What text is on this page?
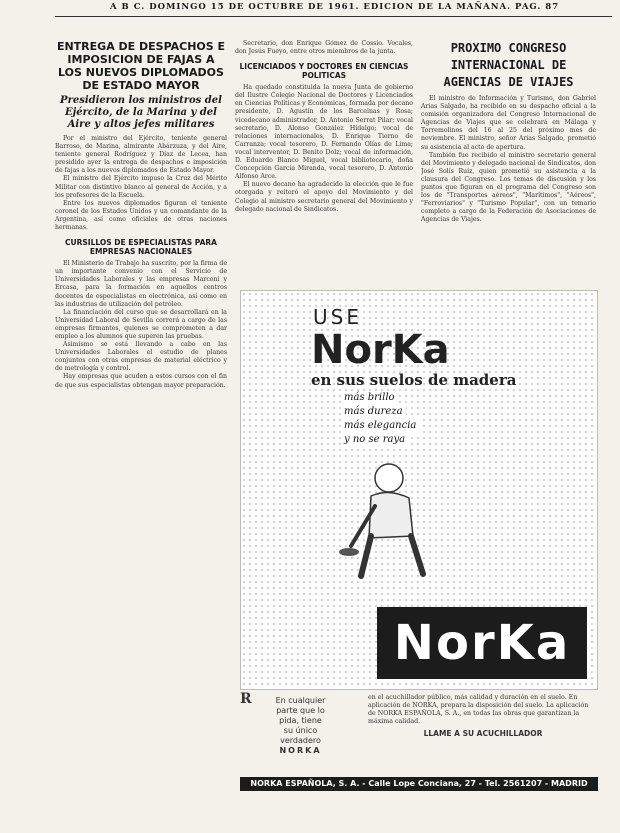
A B C. DOMINGO 15 DE OCTUBRE DE 1961. EDICION DE LA MAÑANA. PAG. 87
ENTREGA DE DESPACHOS E IMPOSICION DE FAJAS A LOS NUEVOS DIPLOMADOS DE ESTADO MAYOR
Presidieron los ministros del Ejército, de la Marina y del Aire y altos jefes militares

Por el ministro del Ejército, teniente general Barroso, de Marina, almirante Abárzuza, y del Aire, teniente general Rodríguez y Díaz de Lecea, han presidido ayer la entrega de despachos e imposición de fajas a los nuevos diplomados de Estado Mayor.

El ministro del Ejército impuso la Cruz del Mérito Militar con distintivo blanco al general de Acción, y a los profesores de la Escuela.

Entre los nuevos diplomados figuran el teniente coronel de los Estados Unidos y un comandante de la Argentina, así como oficiales de otras naciones hermanas.

CURSILLOS DE ESPECIALISTAS PARA EMPRESAS NACIONALES

El Ministerio de Trabajo ha suscrito, por la firma de un importante convenio con el Servicio de Universidades Laborales y las empresas Marconi y Ercasa, para la formación en aquellos centros docentes de especialistas en electrónica, así como en las industrias de utilización del petróleo.

La financiación del curso que se desarrollará en la Universidad Laboral de Sevilla correrá a cargo de las empresas firmantes, quienes se comprometen a dar empleo a los alumnos que superen las pruebas.

Asimismo se está llevando a cabo en las Universidades Laborales el estudio de planes conjuntos con otras empresas de material eléctrico y de metrología y control.

Hay empresas que acuden a estos cursos con el fin de que sus especialistas obtengan mayor preparación.

Secretario, don Enrique Gómez de Cossío. Vocales, don Jesús Fueyo, entre otros miembros de la junta.

LICENCIADOS Y DOCTORES EN CIENCIAS POLITICAS

Ha quedado constituida la nueva Junta de gobierno del Ilustre Colegio Nacional de Doctores y Licenciados en Ciencias Políticas y Económicas, formada por decano presidente, D. Agustín de los Barceinas y Rosa; vicedecano administrador, D. Antonio Serrat Pilar; vocal secretario, D. Alonso González Hidalgo; vocal de relaciones internacionales, D. Enrique Tierno de Carranza; vocal tesorero, D. Fernando Olías de Lima; vocal interventor, D. Benito Dolz; vocal de información, D. Eduardo Blanco Miguel, vocal bibliotecario, doña Concepción García Miranda, vocal tesorero, D. Antonio Alfonso Arce.

El nuevo decano ha agradecido la elección que le fue otorgada y reiteró el apoyo del Movimiento y del Colegio al ministro secretario general del Movimiento y delegado nacional de Sindicatos.

PROXIMO CONGRESO INTERNACIONAL DE AGENCIAS DE VIAJES

El ministro de Información y Turismo, don Gabriel Arias Salgado, ha recibido en su despacho oficial a la comisión organizadora del Congreso Internacional de Agencias de Viajes que se celebrará en Málaga y Torremolinos del 16 al 25 del próximo mes de noviembre. El ministro, señor Arias Salgado, prometió su asistencia al acto de apertura.

También fue recibido el ministro secretario general del Movimiento y delegado nacional de Sindicatos, don José Solís Ruiz, quien prometió su asistencia a la clausura del Congreso. Los temas de discusión y los puntos que figuran en el programa del Congreso son los de "Transportes aéreos", "Marítimos", "Aéreos", "Ferroviarios" y "Turismo Popular", con un temario completo a cargo de la Federación de Asociaciones de Agencias de Viajes.

USE
NorKa
en sus suelos de madera
más brillo
más dureza
más elegancia
y no se raya
NorKa
R	En cualquier
parte que lo
pida, tiene
su único
verdadero
NORKA
en el acuchillador público, más calidad y duración en el suelo. En aplicación de NORKA, prepara la disposición del suelo. La aplicación de NORKA ESPAÑOLA, S. A., en todas las obras que garantizan la máxima calidad.
LLAME A SU ACUCHILLADOR
NORKA ESPAÑOLA, S. A. - Calle Lope Conciana, 27 - Tel. 2561207 - MADRID
